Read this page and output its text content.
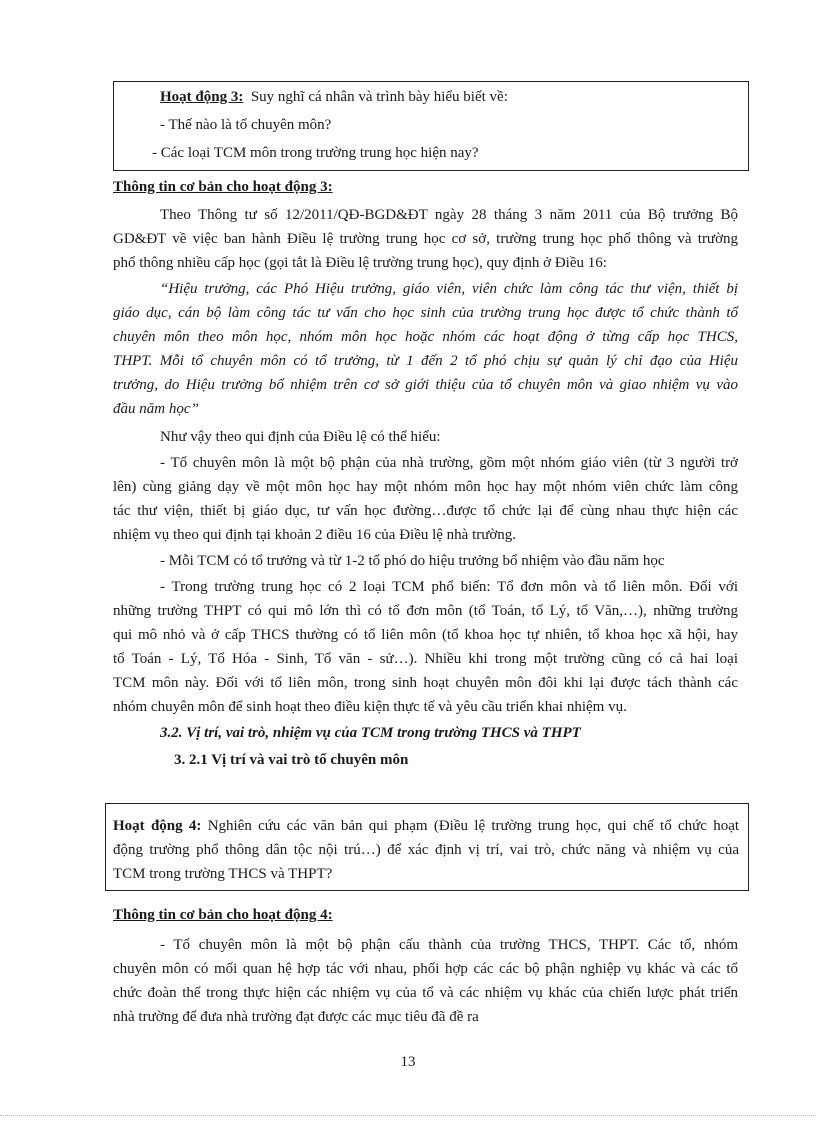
Hoạt động 3: Suy nghĩ cá nhân và trình bày hiểu biết về:
- Thế nào là tổ chuyên môn?
- Các loại TCM môn trong trường trung học hiện nay?
Thông tin cơ bản cho hoạt động 3:
Theo Thông tư số 12/2011/QĐ-BGD&ĐT ngày 28 tháng 3 năm 2011 của Bộ trưởng Bộ
GD&ĐT về việc ban hành Điều lệ trường trung học cơ sở, trường trung học phổ thông và trường
phổ thông nhiều cấp học (gọi tắt là Điều lệ trường trung học), quy định ở Điều 16:
“Hiệu trưởng, các Phó Hiệu trưởng, giáo viên, viên chức làm công tác thư viện, thiết bị
giáo dục, cán bộ làm công tác tư vấn cho học sinh của trường trung học được tổ chức thành tổ
chuyên môn theo môn học, nhóm môn học hoặc nhóm các hoạt động ở từng cấp học THCS,
THPT. Mỗi tổ chuyên môn có tổ trưởng, từ 1 đến 2 tổ phó chịu sự quản lý chỉ đạo của Hiệu
trưởng, do Hiệu trưởng bổ nhiệm trên cơ sở giới thiệu của tổ chuyên môn và giao nhiệm vụ vào
đầu năm học”
Như vậy theo qui định của Điều lệ có thể hiểu:
- Tổ chuyên môn là một bộ phận của nhà trường, gồm một nhóm giáo viên (từ 3 người trở
lên) cùng giảng dạy về một môn học hay một nhóm môn học hay một nhóm viên chức làm công
tác thư viện, thiết bị giáo dục, tư vấn học đường…được tổ chức lại để cùng nhau thực hiện các
nhiệm vụ theo qui định tại khoản 2 điều 16 của Điều lệ nhà trường.
- Mỗi TCM có tổ trưởng và từ 1-2 tổ phó do hiệu trưởng bổ nhiệm vào đầu năm học
- Trong trường trung học có 2 loại TCM phổ biến: Tổ đơn môn và tổ liên môn. Đối với
những trường THPT có qui mô lớn thì có tổ đơn môn (tổ Toán, tổ Lý, tổ Văn,…), những trường
qui mô nhỏ và ở cấp THCS thường có tổ liên môn (tổ khoa học tự nhiên, tổ khoa học xã hội, hay
tổ Toán - Lý, Tổ Hóa - Sinh, Tổ văn - sử…). Nhiều khi trong một trường cũng có cả hai loại
TCM môn này. Đối với tổ liên môn, trong sinh hoạt chuyên môn đôi khi lại được tách thành các
nhóm chuyên môn để sinh hoạt theo điều kiện thực tế và yêu cầu triển khai nhiệm vụ.
3.2. Vị trí, vai trò, nhiệm vụ của TCM trong trường THCS và THPT
3. 2.1 Vị trí và vai trò tổ chuyên môn
Hoạt động 4: Nghiên cứu các văn bản qui phạm (Điều lệ trường trung học, qui chế tổ chức hoạt
động trường phổ thông dân tộc nội trú…) để xác định vị trí, vai trò, chức năng và nhiệm vụ của
TCM trong trường THCS và THPT?
Thông tin cơ bản cho hoạt động 4:
- Tổ chuyên môn là một bộ phận cấu thành của trường THCS, THPT. Các tổ, nhóm
chuyên môn có mối quan hệ hợp tác với nhau, phối hợp các các bộ phận nghiệp vụ khác và các tổ
chức đoàn thể trong thực hiện các nhiệm vụ của tổ và các nhiệm vụ khác của chiến lược phát triển
nhà trường để đưa nhà trường đạt được các mục tiêu đã đề ra
13
